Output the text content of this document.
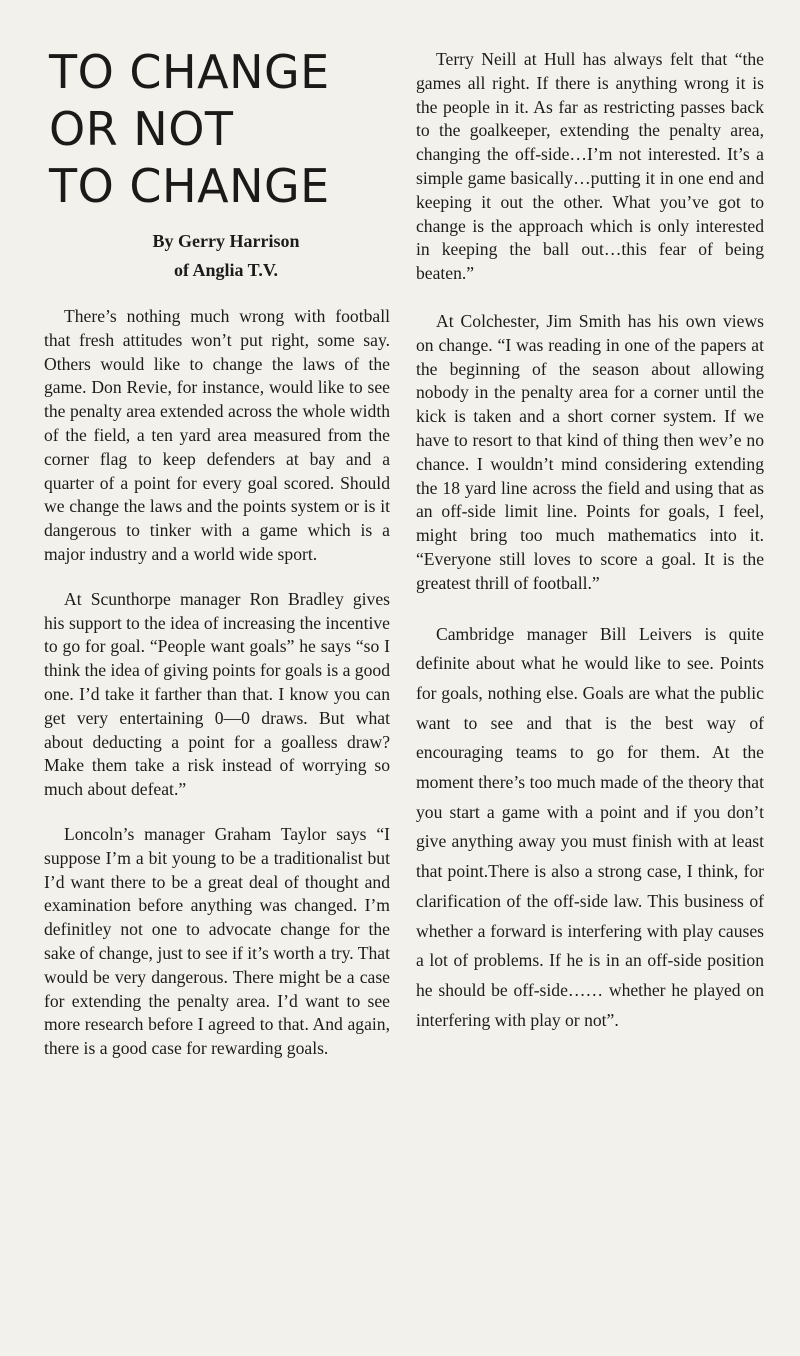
TO CHANGE
OR NOT
TO CHANGE
By Gerry Harrison
of Anglia T.V.

There’s nothing much wrong with football that fresh attitudes won’t put right, some say. Others would like to change the laws of the game. Don Revie, for instance, would like to see the penalty area extended across the whole width of the field, a ten yard area measured from the corner flag to keep defenders at bay and a quarter of a point for every goal scored. Should we change the laws and the points system or is it dangerous to tinker with a game which is a major industry and a world wide sport.

At Scunthorpe manager Ron Bradley gives his support to the idea of increasing the incentive to go for goal. “People want goals” he says “so I think the idea of giving points for goals is a good one. I’d take it farther than that. I know you can get very entertaining 0—0 draws. But what about deducting a point for a goalless draw? Make them take a risk instead of worrying so much about defeat.”

Loncoln’s manager Graham Taylor says “I suppose I’m a bit young to be a traditionalist but I’d want there to be a great deal of thought and examination before anything was changed. I’m definitley not one to advocate change for the sake of change, just to see if it’s worth a try. That would be very dangerous. There might be a case for extending the penalty area. I’d want to see more research before I agreed to that. And again, there is a good case for rewarding goals.

Terry Neill at Hull has always felt that “the games all right. If there is anything wrong it is the people in it. As far as restricting passes back to the goalkeeper, extending the penalty area, changing the off-side…I’m not interested. It’s a simple game basically…putting it in one end and keeping it out the other. What you’ve got to change is the approach which is only interested in keeping the ball out…this fear of being beaten.”

At Colchester, Jim Smith has his own views on change. “I was reading in one of the papers at the beginning of the season about allowing nobody in the penalty area for a corner until the kick is taken and a short corner system. If we have to resort to that kind of thing then wev’e no chance. I wouldn’t mind considering extending the 18 yard line across the field and using that as an off-side limit line. Points for goals, I feel, might bring too much mathematics into it. “Everyone still loves to score a goal. It is the greatest thrill of football.”

Cambridge manager Bill Leivers is quite definite about what he would like to see. Points for goals, nothing else. Goals are what the public want to see and that is the best way of encouraging teams to go for them. At the moment there’s too much made of the theory that you start a game with a point and if you don’t give anything away you must finish with at least that point.There is also a strong case, I think, for clarification of the off-side law. This business of whether a forward is interfering with play causes a lot of problems. If he is in an off-side position he should be off-side…… whether he played on interfering with play or not”.
